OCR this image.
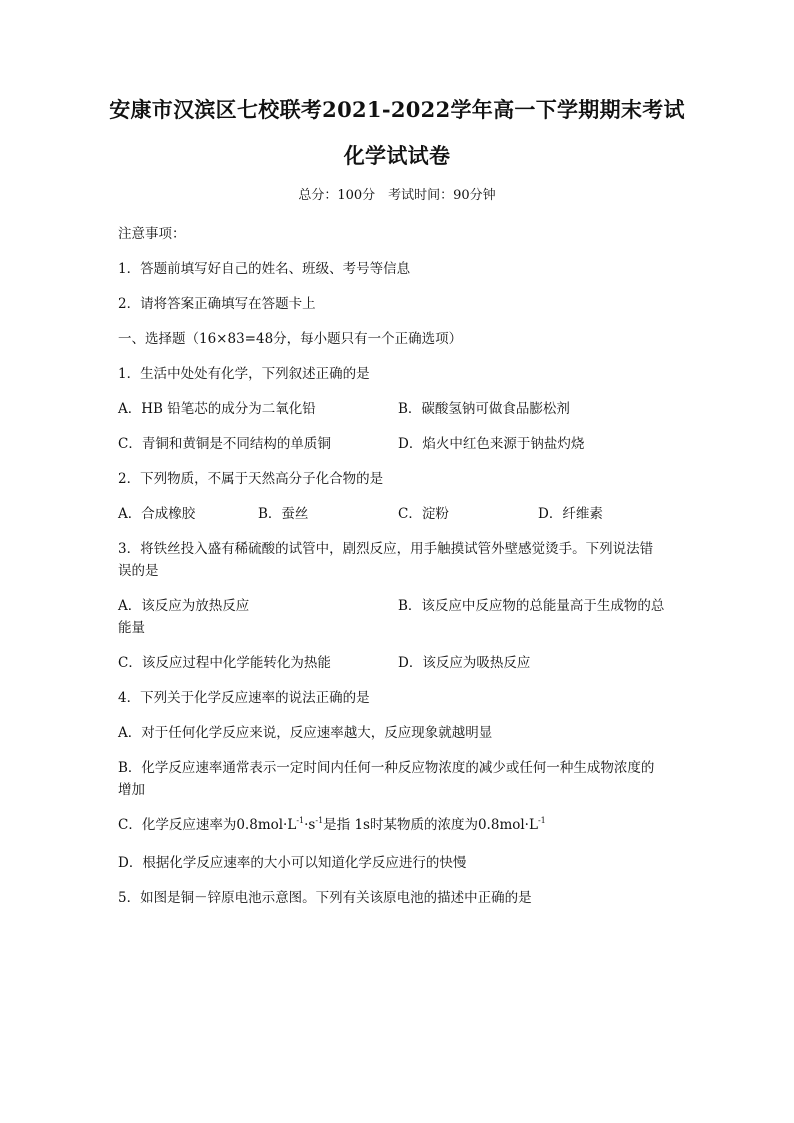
安康市汉滨区七校联考2021-2022学年高一下学期期末考试
化学试试卷
总分：100分　考试时间：90分钟
注意事项：
1．答题前填写好自己的姓名、班级、考号等信息
2．请将答案正确填写在答题卡上
一、选择题（16×83=48分，每小题只有一个正确选项）
1．生活中处处有化学，下列叙述正确的是
A．HB 铅笔芯的成分为二氧化铅	B．碳酸氢钠可做食品膨松剂
C．青铜和黄铜是不同结构的单质铜	D．焰火中红色来源于钠盐灼烧
2．下列物质，不属于天然高分子化合物的是
A．合成橡胶	B．蚕丝	C．淀粉	D．纤维素
3．将铁丝投入盛有稀硫酸的试管中，剧烈反应，用手触摸试管外壁感觉烫手。下列说法错
误的是
A．该反应为放热反应	B．该反应中反应物的总能量高于生成物的总
能量
C．该反应过程中化学能转化为热能	D．该反应为吸热反应
4．下列关于化学反应速率的说法正确的是
A．对于任何化学反应来说，反应速率越大，反应现象就越明显
B．化学反应速率通常表示一定时间内任何一种反应物浓度的减少或任何一种生成物浓度的
增加
C．化学反应速率为$0.8mol\cdot L^{-1}\cdot s^{-1}$是指 1s时某物质的浓度为$0.8mol\cdot L^{-1}$
D．根据化学反应速率的大小可以知道化学反应进行的快慢
5．如图是铜－锌原电池示意图。下列有关该原电池的描述中正确的是
